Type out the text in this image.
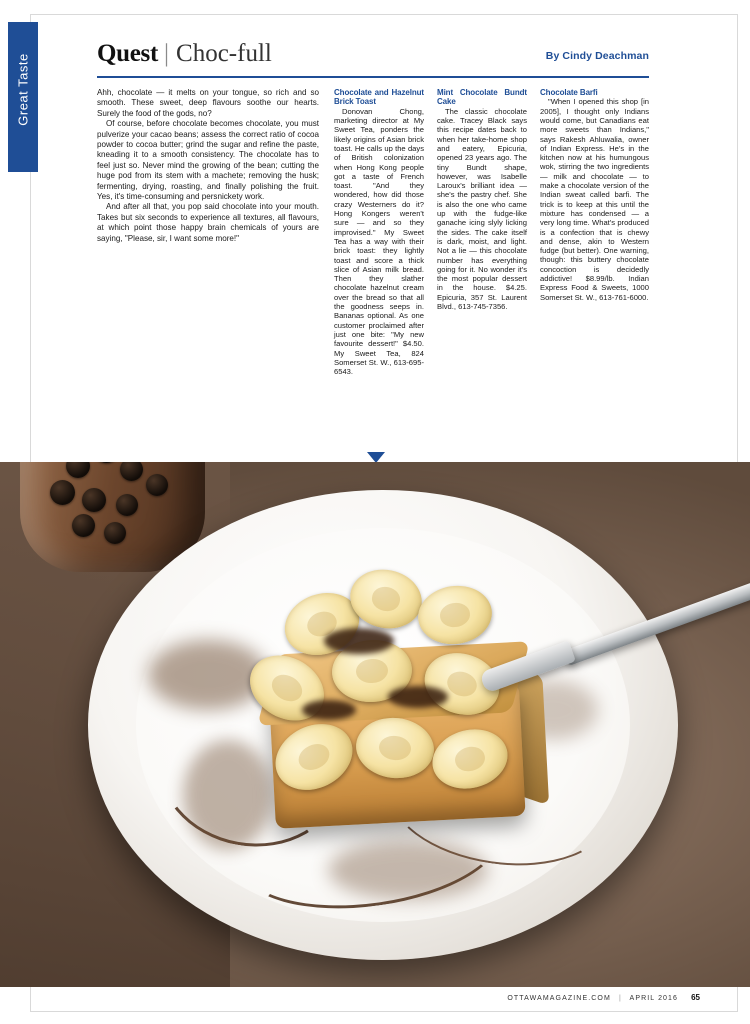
Great Taste	Quest | Choc-full	By Cindy Deachman

Ahh, chocolate — it melts on your tongue, so rich and so smooth. These sweet, deep flavours soothe our hearts. Surely the food of the gods, no?

Of course, before chocolate becomes chocolate, you must pulverize your cacao beans; assess the correct ratio of cocoa powder to cocoa butter; grind the sugar and refine the paste, kneading it to a smooth consistency. The chocolate has to feel just so. Never mind the growing of the bean; cutting the huge pod from its stem with a machete; removing the husk; fermenting, drying, roasting, and finally polishing the fruit. Yes, it's time-consuming and persnickety work.

And after all that, you pop said chocolate into your mouth. Takes but six seconds to experience all textures, all flavours, at which point those happy brain chemicals of yours are saying, "Please, sir, I want some more!"

Chocolate and Hazelnut Brick Toast

Donovan Chong, marketing director at My Sweet Tea, ponders the likely origins of Asian brick toast. He calls up the days of British colonization when Hong Kong people got a taste of French toast. "And they wondered, how did those crazy Westerners do it? Hong Kongers weren't sure — and so they improvised." My Sweet Tea has a way with their brick toast: they lightly toast and score a thick slice of Asian milk bread. Then they slather chocolate hazelnut cream over the bread so that all the goodness seeps in. Bananas optional. As one customer proclaimed after just one bite: "My new favourite dessert!" $4.50. My Sweet Tea, 824 Somerset St. W., 613-695-6543.

Mint Chocolate Bundt Cake

The classic chocolate cake. Tracey Black says this recipe dates back to when her take-home shop and eatery, Epicuria, opened 23 years ago. The tiny Bundt shape, however, was Isabelle Laroux's brilliant idea — she's the pastry chef. She is also the one who came up with the fudge-like ganache icing slyly licking the sides. The cake itself is dark, moist, and light. Not a lie — this chocolate number has everything going for it. No wonder it's the most popular dessert in the house. $4.25. Epicuria, 357 St. Laurent Blvd., 613-745-7356.

Chocolate Barfi

"When I opened this shop [in 2005], I thought only Indians would come, but Canadians eat more sweets than Indians," says Rakesh Ahluwalia, owner of Indian Express. He's in the kitchen now at his humungous wok, stirring the two ingredients — milk and chocolate — to make a chocolate version of the Indian sweat called barfi. The trick is to keep at this until the mixture has condensed — a very long time. What's produced is a confection that is chewy and dense, akin to Western fudge (but better). One warning, though: this buttery chocolate concoction is decidedly addictive! $8.99/lb. Indian Express Food & Sweets, 1000 Somerset St. W., 613-761-6000.

OTTAWAMAGAZINE.COM | APRIL 2016 65
